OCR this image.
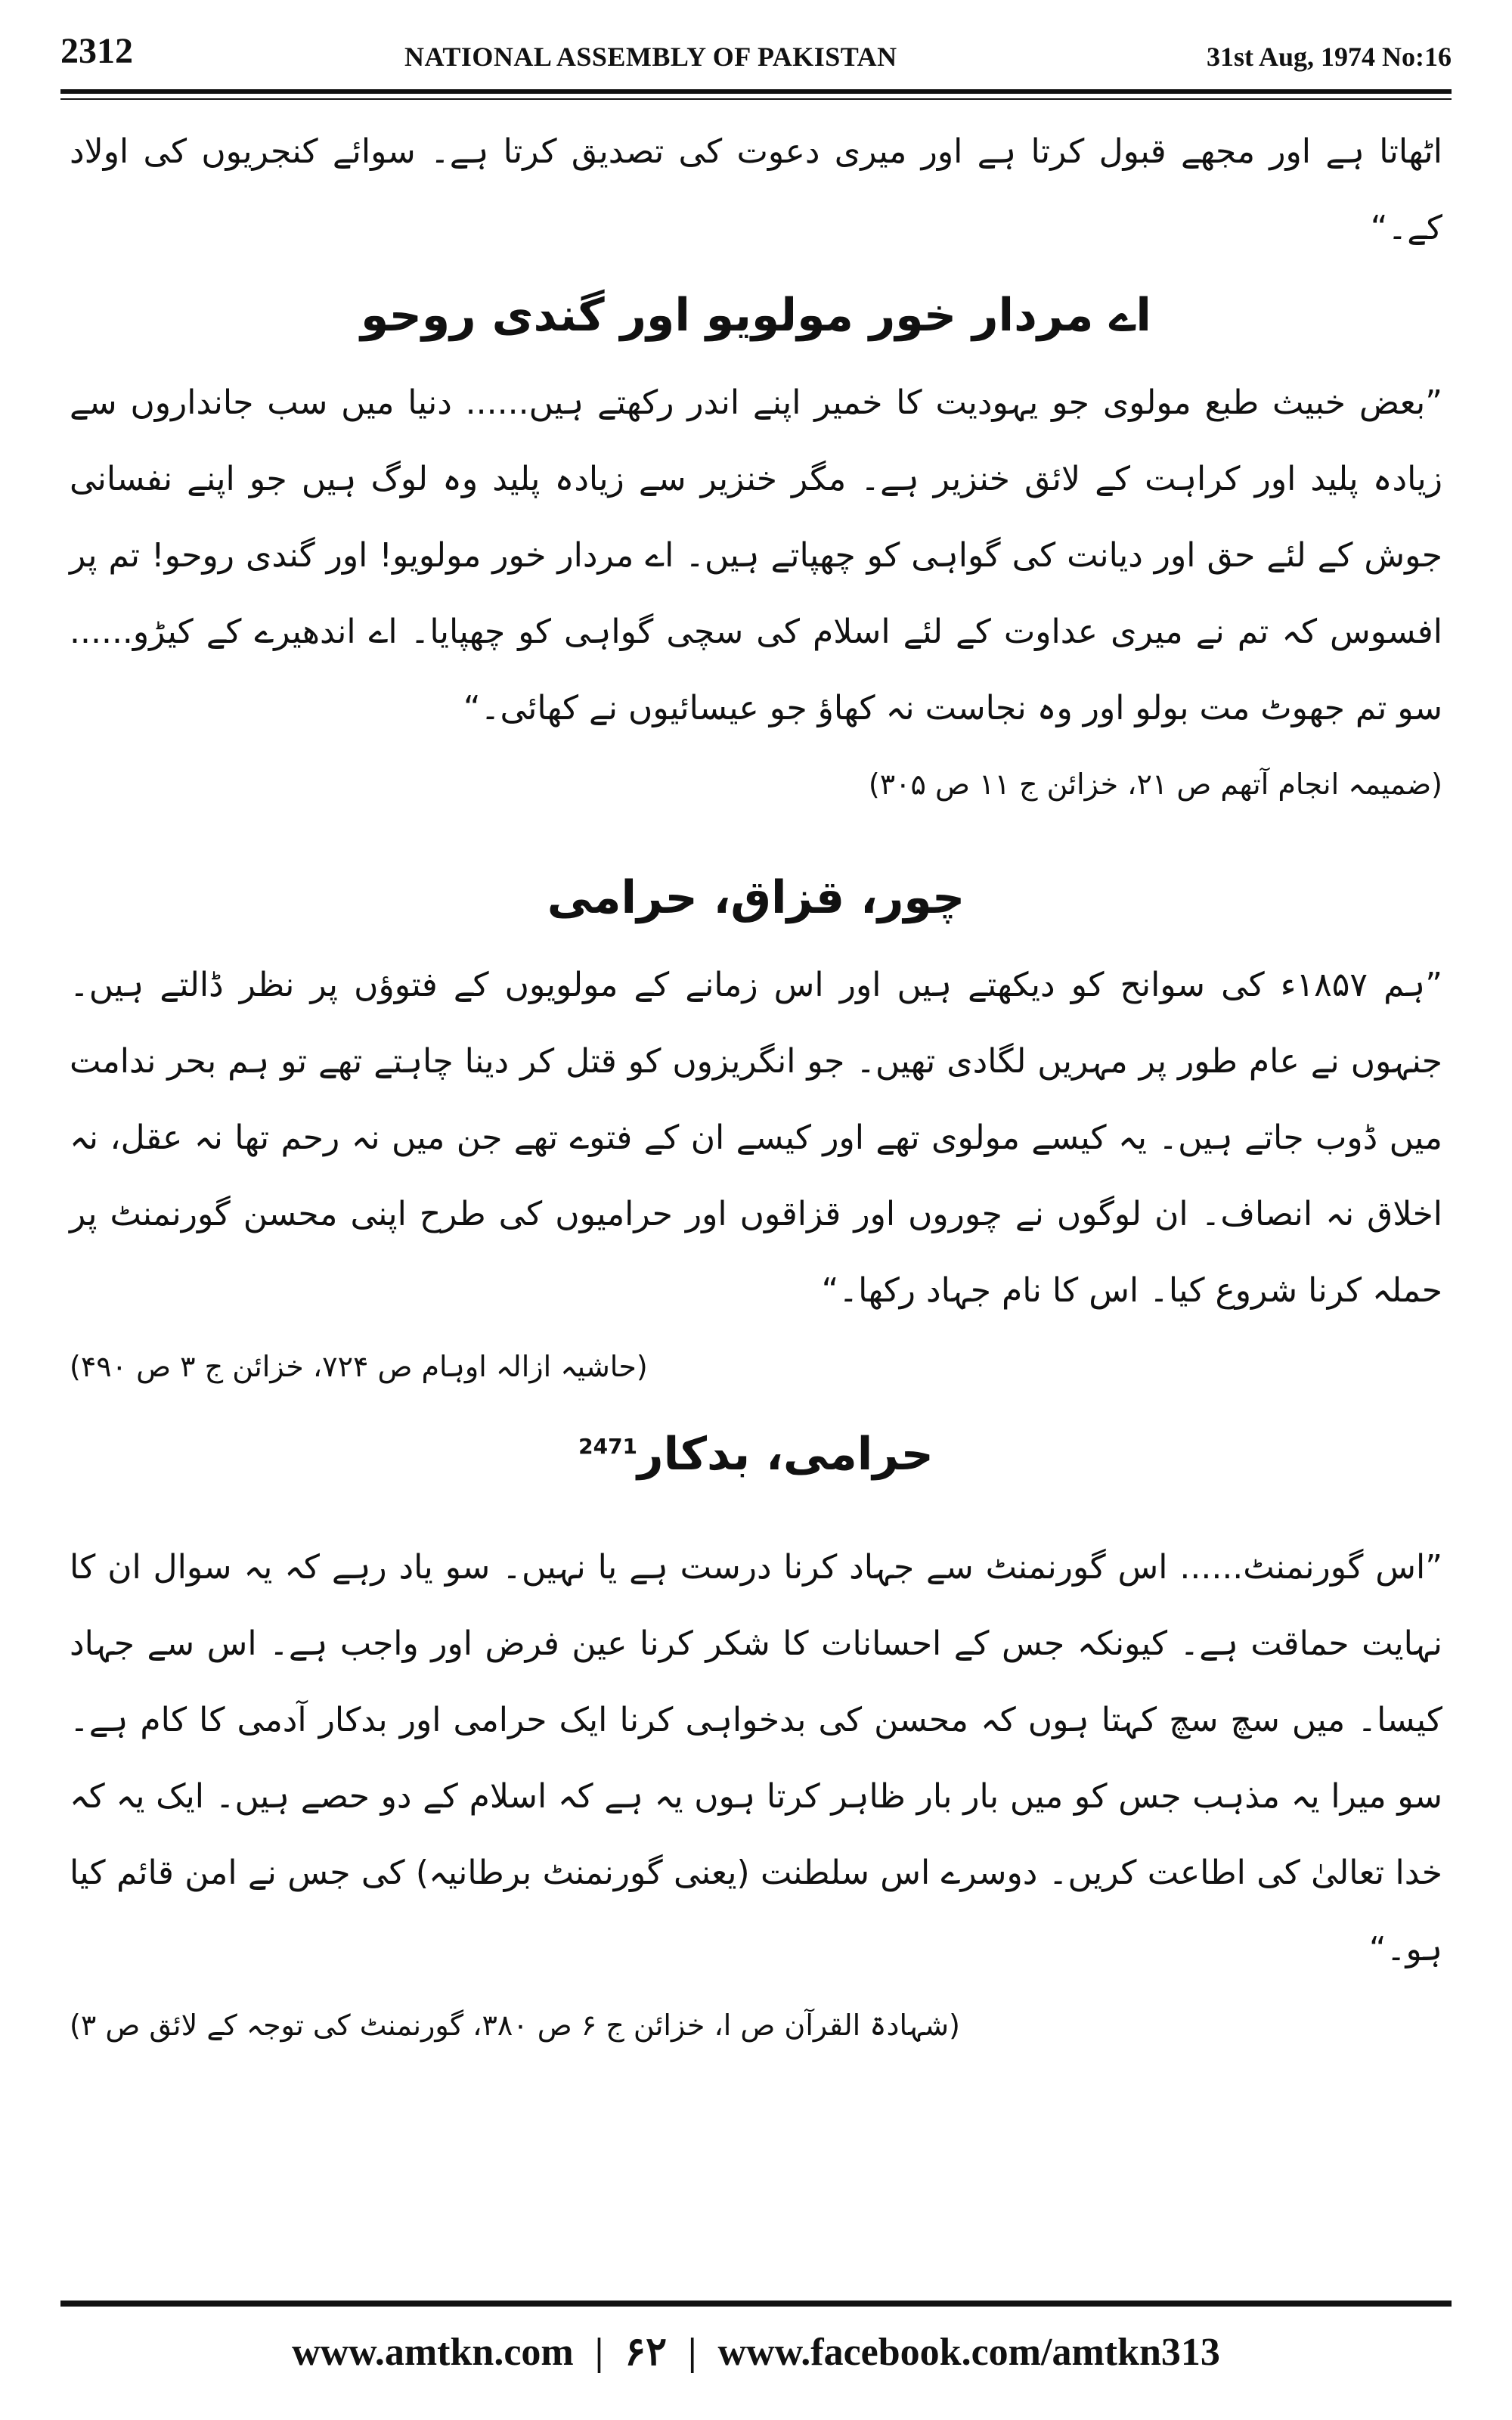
2312	NATIONAL ASSEMBLY OF PAKISTAN	31st Aug, 1974 No:16

اٹھاتا ہے اور مجھے قبول کرتا ہے اور میری دعوت کی تصدیق کرتا ہے۔ سوائے کنجریوں کی اولاد کے۔“

اے مردار خور مولویو اور گندی روحو

”بعض خبیث طبع مولوی جو یہودیت کا خمیر اپنے اندر رکھتے ہیں...... دنیا میں سب جانداروں سے زیادہ پلید اور کراہت کے لائق خنزیر ہے۔ مگر خنزیر سے زیادہ پلید وہ لوگ ہیں جو اپنے نفسانی جوش کے لئے حق اور دیانت کی گواہی کو چھپاتے ہیں۔ اے مردار خور مولویو! اور گندی روحو! تم پر افسوس کہ تم نے میری عداوت کے لئے اسلام کی سچی گواہی کو چھپایا۔ اے اندھیرے کے کیڑو...... سو تم جھوٹ مت بولو اور وہ نجاست نہ کھاؤ جو عیسائیوں نے کھائی۔“

(ضمیمہ انجام آتھم ص ۲۱، خزائن ج ۱۱ ص ۳۰۵)

چور، قزاق، حرامی

”ہم ۱۸۵۷ء کی سوانح کو دیکھتے ہیں اور اس زمانے کے مولویوں کے فتوؤں پر نظر ڈالتے ہیں۔ جنہوں نے عام طور پر مہریں لگادی تھیں۔ جو انگریزوں کو قتل کر دینا چاہتے تھے تو ہم بحر ندامت میں ڈوب جاتے ہیں۔ یہ کیسے مولوی تھے اور کیسے ان کے فتوے تھے جن میں نہ رحم تھا نہ عقل، نہ اخلاق نہ انصاف۔ ان لوگوں نے چوروں اور قزاقوں اور حرامیوں کی طرح اپنی محسن گورنمنٹ پر حملہ کرنا شروع کیا۔ اس کا نام جہاد رکھا۔“

(حاشیہ ازالہ اوہام ص ۷۲۴، خزائن ج ۳ ص ۴۹۰)

حرامی، بدکار$^{2471}$

”اس گورنمنٹ...... اس گورنمنٹ سے جہاد کرنا درست ہے یا نہیں۔ سو یاد رہے کہ یہ سوال ان کا نہایت حماقت ہے۔ کیونکہ جس کے احسانات کا شکر کرنا عین فرض اور واجب ہے۔ اس سے جہاد کیسا۔ میں سچ سچ کہتا ہوں کہ محسن کی بدخواہی کرنا ایک حرامی اور بدکار آدمی کا کام ہے۔ سو میرا یہ مذہب جس کو میں بار بار ظاہر کرتا ہوں یہ ہے کہ اسلام کے دو حصے ہیں۔ ایک یہ کہ خدا تعالیٰ کی اطاعت کریں۔ دوسرے اس سلطنت (یعنی گورنمنٹ برطانیہ) کی جس نے امن قائم کیا ہو۔“

(شہادۃ القرآن ص ا، خزائن ج ۶ ص ۳۸۰، گورنمنٹ کی توجہ کے لائق ص ۳)

www.amtkn.com | ۶۲ | www.facebook.com/amtkn313
